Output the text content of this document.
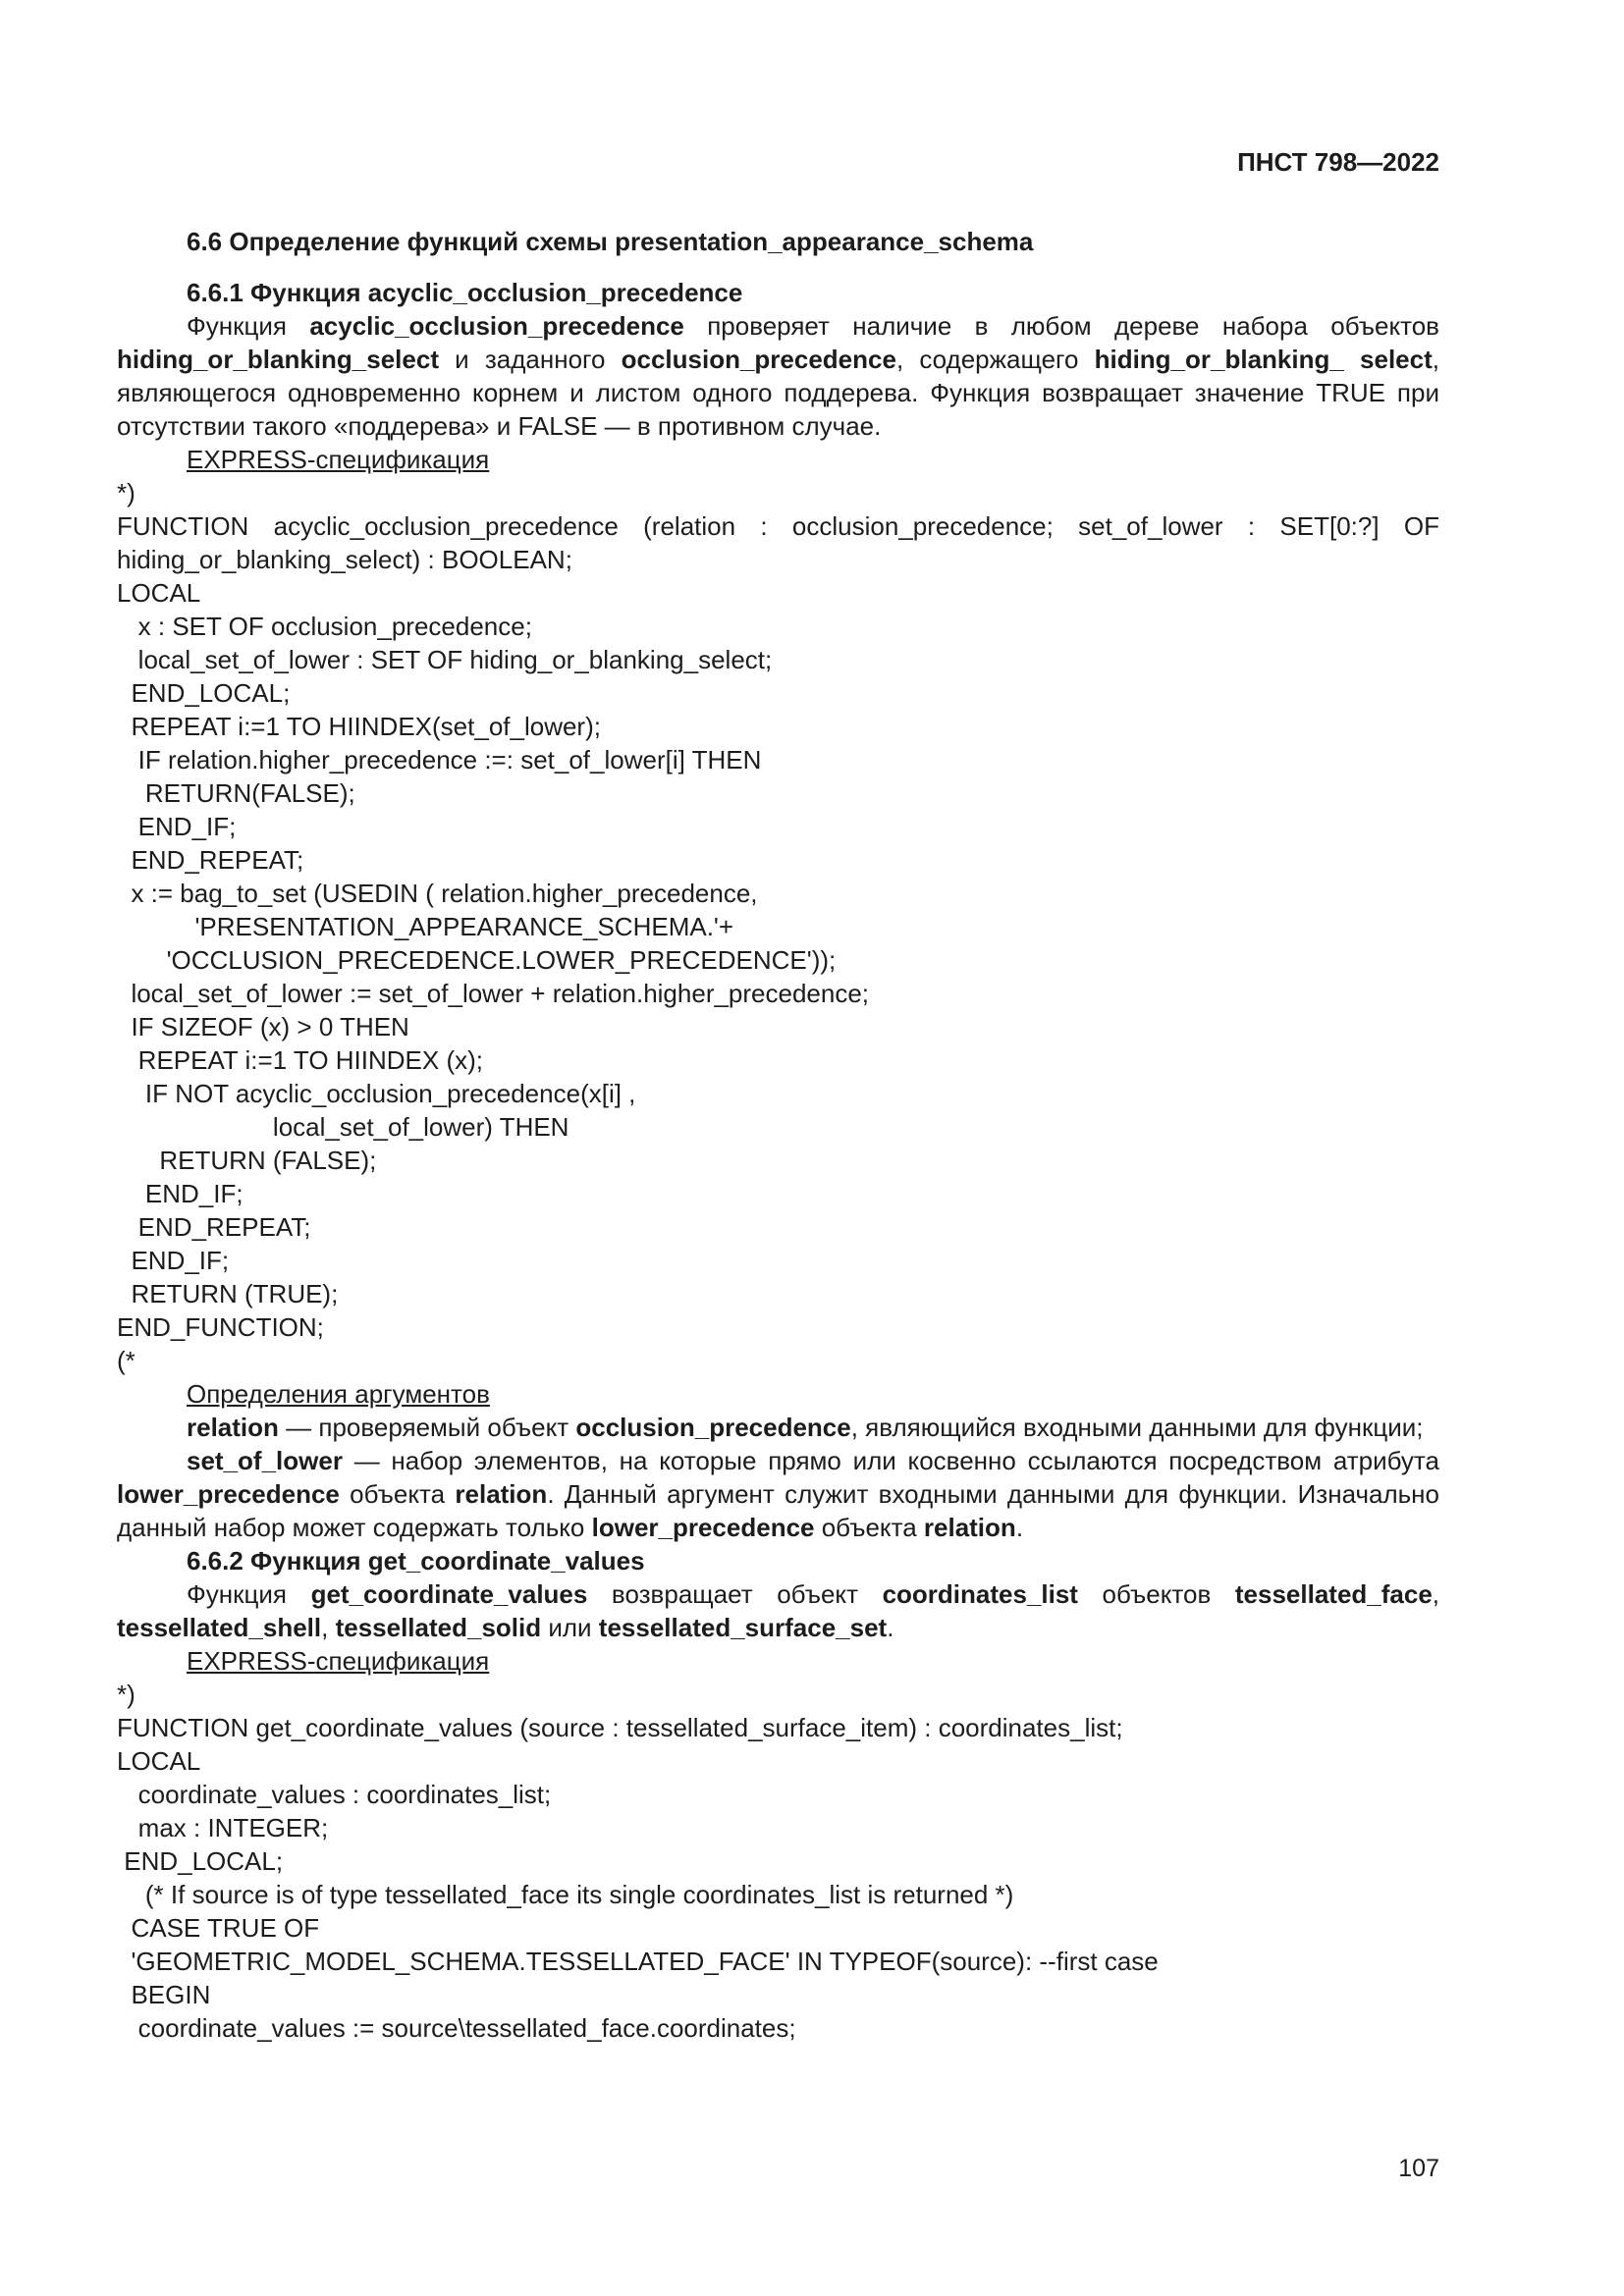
ПНСТ 798—2022

6.6 Определение функций схемы presentation_appearance_schema

6.6.1 Функция acyclic_occlusion_precedence

Функция acyclic_occlusion_precedence проверяет наличие в любом дереве набора объектов hiding_or_blanking_select и заданного occlusion_precedence, содержащего hiding_or_blanking_ select, являющегося одновременно корнем и листом одного поддерева. Функция возвращает значение TRUE при отсутствии такого «поддерева» и FALSE — в противном случае.

EXPRESS-спецификация

*)
FUNCTION acyclic_occlusion_precedence (relation : occlusion_precedence; set_of_lower : SET[0:?] OF hiding_or_blanking_select) : BOOLEAN;
LOCAL
x : SET OF occlusion_precedence;
local_set_of_lower : SET OF hiding_or_blanking_select;
END_LOCAL;
REPEAT i:=1 TO HIINDEX(set_of_lower);
IF relation.higher_precedence :=: set_of_lower[i] THEN
RETURN(FALSE);
END_IF;
END_REPEAT;
x := bag_to_set (USEDIN ( relation.higher_precedence,
'PRESENTATION_APPEARANCE_SCHEMA.'+
'OCCLUSION_PRECEDENCE.LOWER_PRECEDENCE'));
local_set_of_lower := set_of_lower + relation.higher_precedence;
IF SIZEOF (x) > 0 THEN
REPEAT i:=1 TO HIINDEX (x);
IF NOT acyclic_occlusion_precedence(x[i] ,
local_set_of_lower) THEN
RETURN (FALSE);
END_IF;
END_REPEAT;
END_IF;
RETURN (TRUE);
END_FUNCTION;
(*

Определения аргументов

relation — проверяемый объект occlusion_precedence, являющийся входными данными для функции;

set_of_lower — набор элементов, на которые прямо или косвенно ссылаются посредством атрибута lower_precedence объекта relation. Данный аргумент служит входными данными для функции. Изначально данный набор может содержать только lower_precedence объекта relation.

6.6.2 Функция get_coordinate_values

Функция get_coordinate_values возвращает объект coordinates_list объектов tessellated_face, tessellated_shell, tessellated_solid или tessellated_surface_set.

EXPRESS-спецификация

*)
FUNCTION get_coordinate_values (source : tessellated_surface_item) : coordinates_list;
LOCAL
coordinate_values : coordinates_list;
max : INTEGER;
END_LOCAL;
(* If source is of type tessellated_face its single coordinates_list is returned *)
CASE TRUE OF
'GEOMETRIC_MODEL_SCHEMA.TESSELLATED_FACE' IN TYPEOF(source): --first case
BEGIN
coordinate_values := source\tessellated_face.coordinates;
107
